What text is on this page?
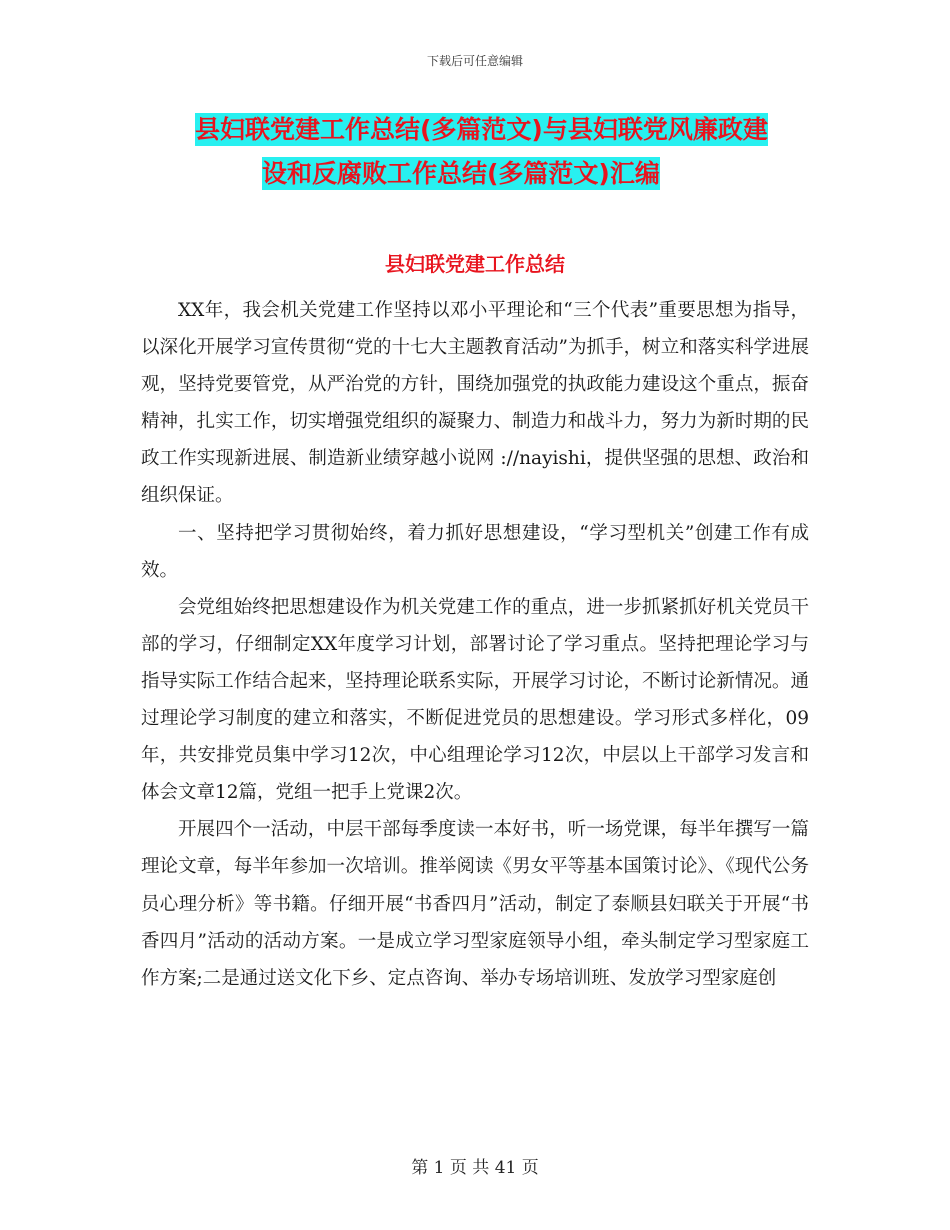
下载后可任意编辑
县妇联党建工作总结(多篇范文)与县妇联党风廉政建
设和反腐败工作总结(多篇范文)汇编
县妇联党建工作总结

XX年，我会机关党建工作坚持以邓小平理论和“三个代表”重要思想为指导，以深化开展学习宣传贯彻“党的十七大主题教育活动”为抓手，树立和落实科学进展观，坚持党要管党，从严治党的方针，围绕加强党的执政能力建设这个重点，振奋精神，扎实工作，切实增强党组织的凝聚力、制造力和战斗力，努力为新时期的民政工作实现新进展、制造新业绩穿越小说网 ://nayishi，提供坚强的思想、政治和组织保证。

一、坚持把学习贯彻始终，着力抓好思想建设，“学习型机关”创建工作有成效。

会党组始终把思想建设作为机关党建工作的重点，进一步抓紧抓好机关党员干部的学习，仔细制定XX年度学习计划，部署讨论了学习重点。坚持把理论学习与指导实际工作结合起来，坚持理论联系实际，开展学习讨论，不断讨论新情况。通过理论学习制度的建立和落实，不断促进党员的思想建设。学习形式多样化，09年，共安排党员集中学习12次，中心组理论学习12次，中层以上干部学习发言和体会文章12篇，党组一把手上党课2次。

开展四个一活动，中层干部每季度读一本好书，听一场党课，每半年撰写一篇理论文章，每半年参加一次培训。推举阅读《男女平等基本国策讨论》、《现代公务员心理分析》等书籍。仔细开展“书香四月”活动，制定了泰顺县妇联关于开展“书香四月”活动的活动方案。一是成立学习型家庭领导小组，牵头制定学习型家庭工作方案;二是通过送文化下乡、定点咨询、举办专场培训班、发放学习型家庭创

第 1 页 共 41 页
